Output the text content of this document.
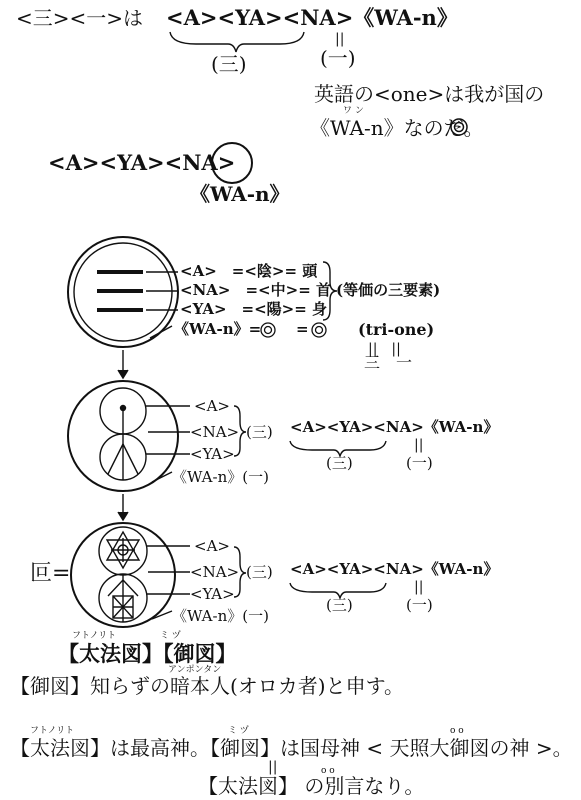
<三><一>は <A><YA><NA>《WA-n》
||
(三)	(一)
英語の<one>は我が国の
ワ ン
《WA-n》なのだ。
<A><YA><NA>
《WA-n》
<A>　=<陰>= 頭
<NA>　=<中>= 首
<YA>　=<陽>= 身
《WA-n》= =
(等価の三要素)
(tri-one)
||　||
三　一
<A>
<NA>
<YA>
(三)
《WA-n》(一)
<A><YA><NA>《WA-n》
||
(三)	(一)
叵=
<A>
<NA>
<YA>
(三)
《WA-n》(一)
<A><YA><NA>《WA-n》
||
(三)	(一)
フトノリト	ミ ヅ
【太法図】【御図】
アンポンタン
【御図】知らずの暗本人(オロカ者)と申す。
フトノリト	ミ ヅ	o o
【太法図】は最高神。【御図】は国母神 < 天照大御図の神 >。
||	o o
【太法図】 の別言なり。
